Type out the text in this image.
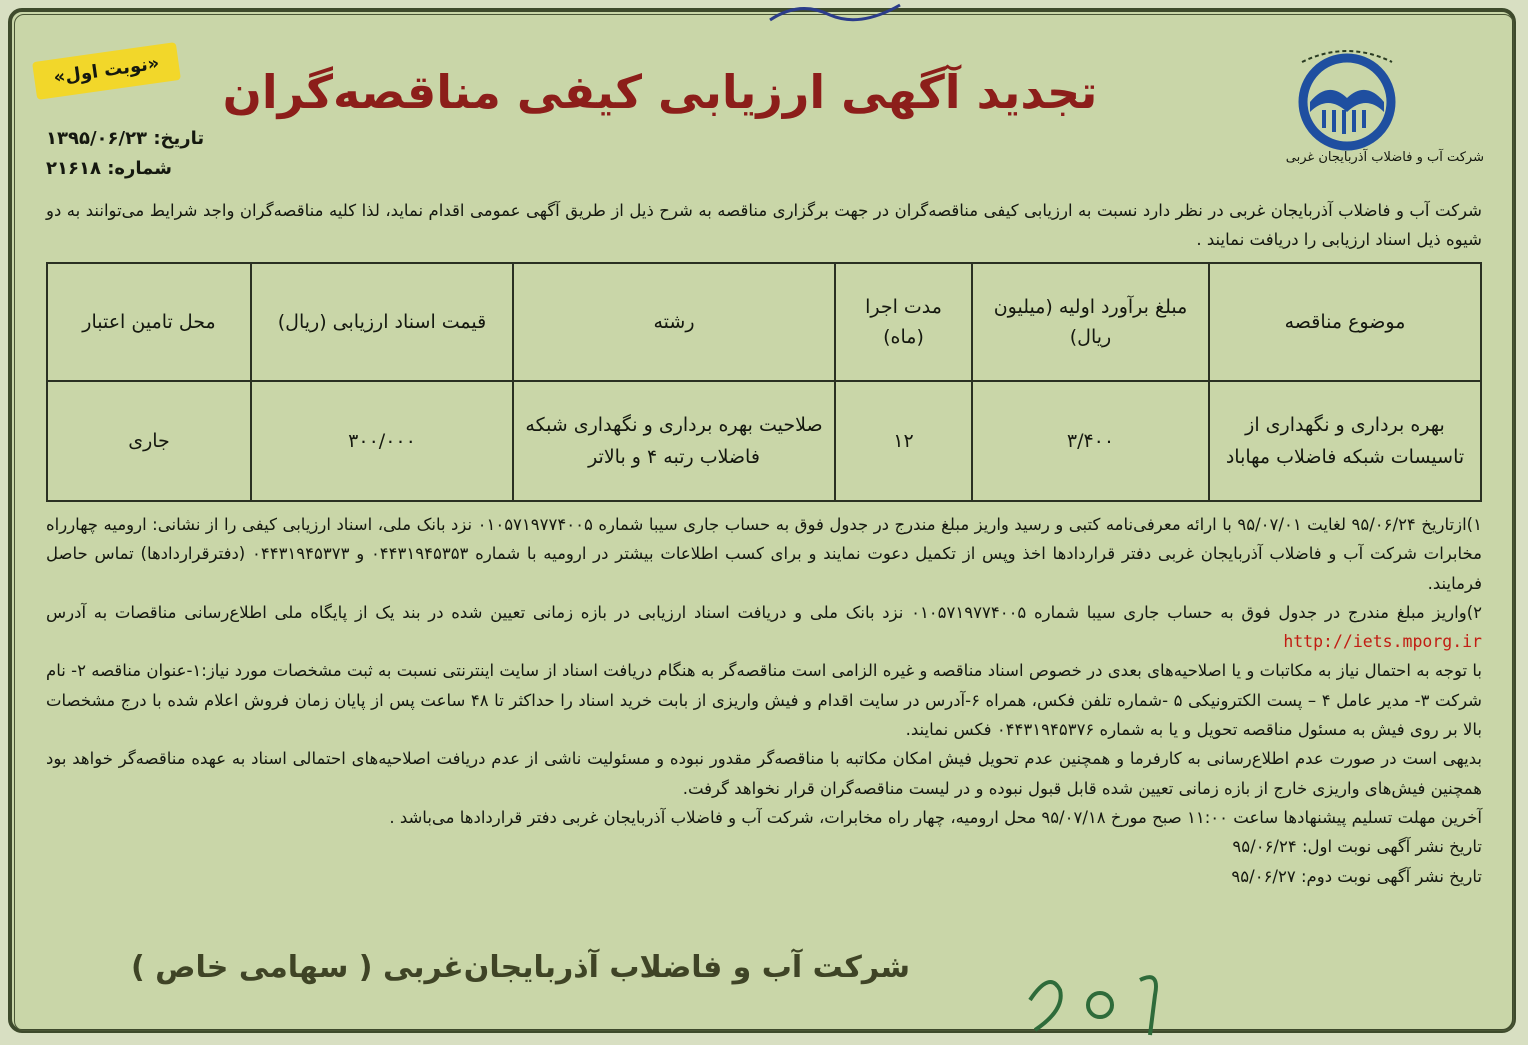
شرکت آب و فاضلاب آذربایجان غربی
تجدید آگهی ارزیابی کیفی مناقصه‌گران
«نوبت اول»
تاریخ: ۱۳۹۵/۰۶/۲۳
شماره: ۲۱۶۱۸
شرکت آب و فاضلاب آذربایجان غربی در نظر دارد نسبت به ارزیابی کیفی مناقصه‌گران در جهت برگزاری مناقصه به شرح ذیل از طریق آگهی عمومی اقدام نماید، لذا کلیه مناقصه‌گران واجد شرایط می‌توانند به دو شیوه ذیل اسناد ارزیابی را دریافت نمایند .
موضوع مناقصه	مبلغ برآورد اولیه (میلیون ریال)	مدت اجرا (ماه)	رشته	قیمت اسناد ارزیابی (ریال)	محل تامین اعتبار
بهره برداری و نگهداری از تاسیسات شبکه فاضلاب مهاباد	۳/۴۰۰	۱۲	صلاحیت بهره برداری و نگهداری شبکه فاضلاب رتبه ۴ و بالاتر	۳۰۰/۰۰۰	جاری

۱)ازتاریخ ۹۵/۰۶/۲۴ لغایت ۹۵/۰۷/۰۱ با ارائه معرفی‌نامه کتبی و رسید واریز مبلغ مندرج در جدول فوق به حساب جاری سیبا شماره ۰۱۰۵۷۱۹۷۷۴۰۰۵ نزد بانک ملی، اسناد ارزیابی کیفی را از نشانی: ارومیه چهارراه مخابرات شرکت آب و فاضلاب آذربایجان غربی دفتر قراردادها اخذ وپس از تکمیل دعوت نمایند و برای کسب اطلاعات بیشتر در ارومیه با شماره ۰۴۴۳۱۹۴۵۳۵۳ و ۰۴۴۳۱۹۴۵۳۷۳ (دفترقراردادها) تماس حاصل فرمایند.

۲)واریز مبلغ مندرج در جدول فوق به حساب جاری سیبا شماره ۰۱۰۵۷۱۹۷۷۴۰۰۵ نزد بانک ملی و دریافت اسناد ارزیابی در بازه زمانی تعیین شده در بند یک از پایگاه ملی اطلاع‌رسانی مناقصات به آدرس http://iets.mporg.ir

با توجه به احتمال نیاز به مکاتبات و یا اصلاحیه‌های بعدی در خصوص اسناد مناقصه و غیره الزامی است مناقصه‌گر به هنگام دریافت اسناد از سایت اینترنتی نسبت به ثبت مشخصات مورد نیاز:۱-عنوان مناقصه ۲- نام شرکت ۳- مدیر عامل ۴ – پست الکترونیکی ۵ -شماره تلفن فکس، همراه ۶-آدرس در سایت اقدام و فیش واریزی از بابت خرید اسناد را حداکثر تا ۴۸ ساعت پس از پایان زمان فروش اعلام شده با درج مشخصات بالا بر روی فیش به مسئول مناقصه تحویل و یا به شماره ۰۴۴۳۱۹۴۵۳۷۶ فکس نمایند.

بدیهی است در صورت عدم اطلاع‌رسانی به کارفرما و همچنین عدم تحویل فیش امکان مکاتبه با مناقصه‌گر مقدور نبوده و مسئولیت ناشی از عدم دریافت اصلاحیه‌های احتمالی اسناد به عهده مناقصه‌گر خواهد بود همچنین فیش‌های واریزی خارج از بازه زمانی تعیین شده قابل قبول نبوده و در لیست مناقصه‌گران قرار نخواهد گرفت.

آخرین مهلت تسلیم پیشنهادها ساعت ۱۱:۰۰ صبح مورخ ۹۵/۰۷/۱۸ محل ارومیه، چهار راه مخابرات، شرکت آب و فاضلاب آذربایجان غربی دفتر قراردادها می‌باشد .

تاریخ نشر آگهی نوبت اول: ۹۵/۰۶/۲۴

تاریخ نشر آگهی نوبت دوم: ۹۵/۰۶/۲۷

شرکت آب و فاضلاب آذربایجان‌غربی ( سهامی خاص )
